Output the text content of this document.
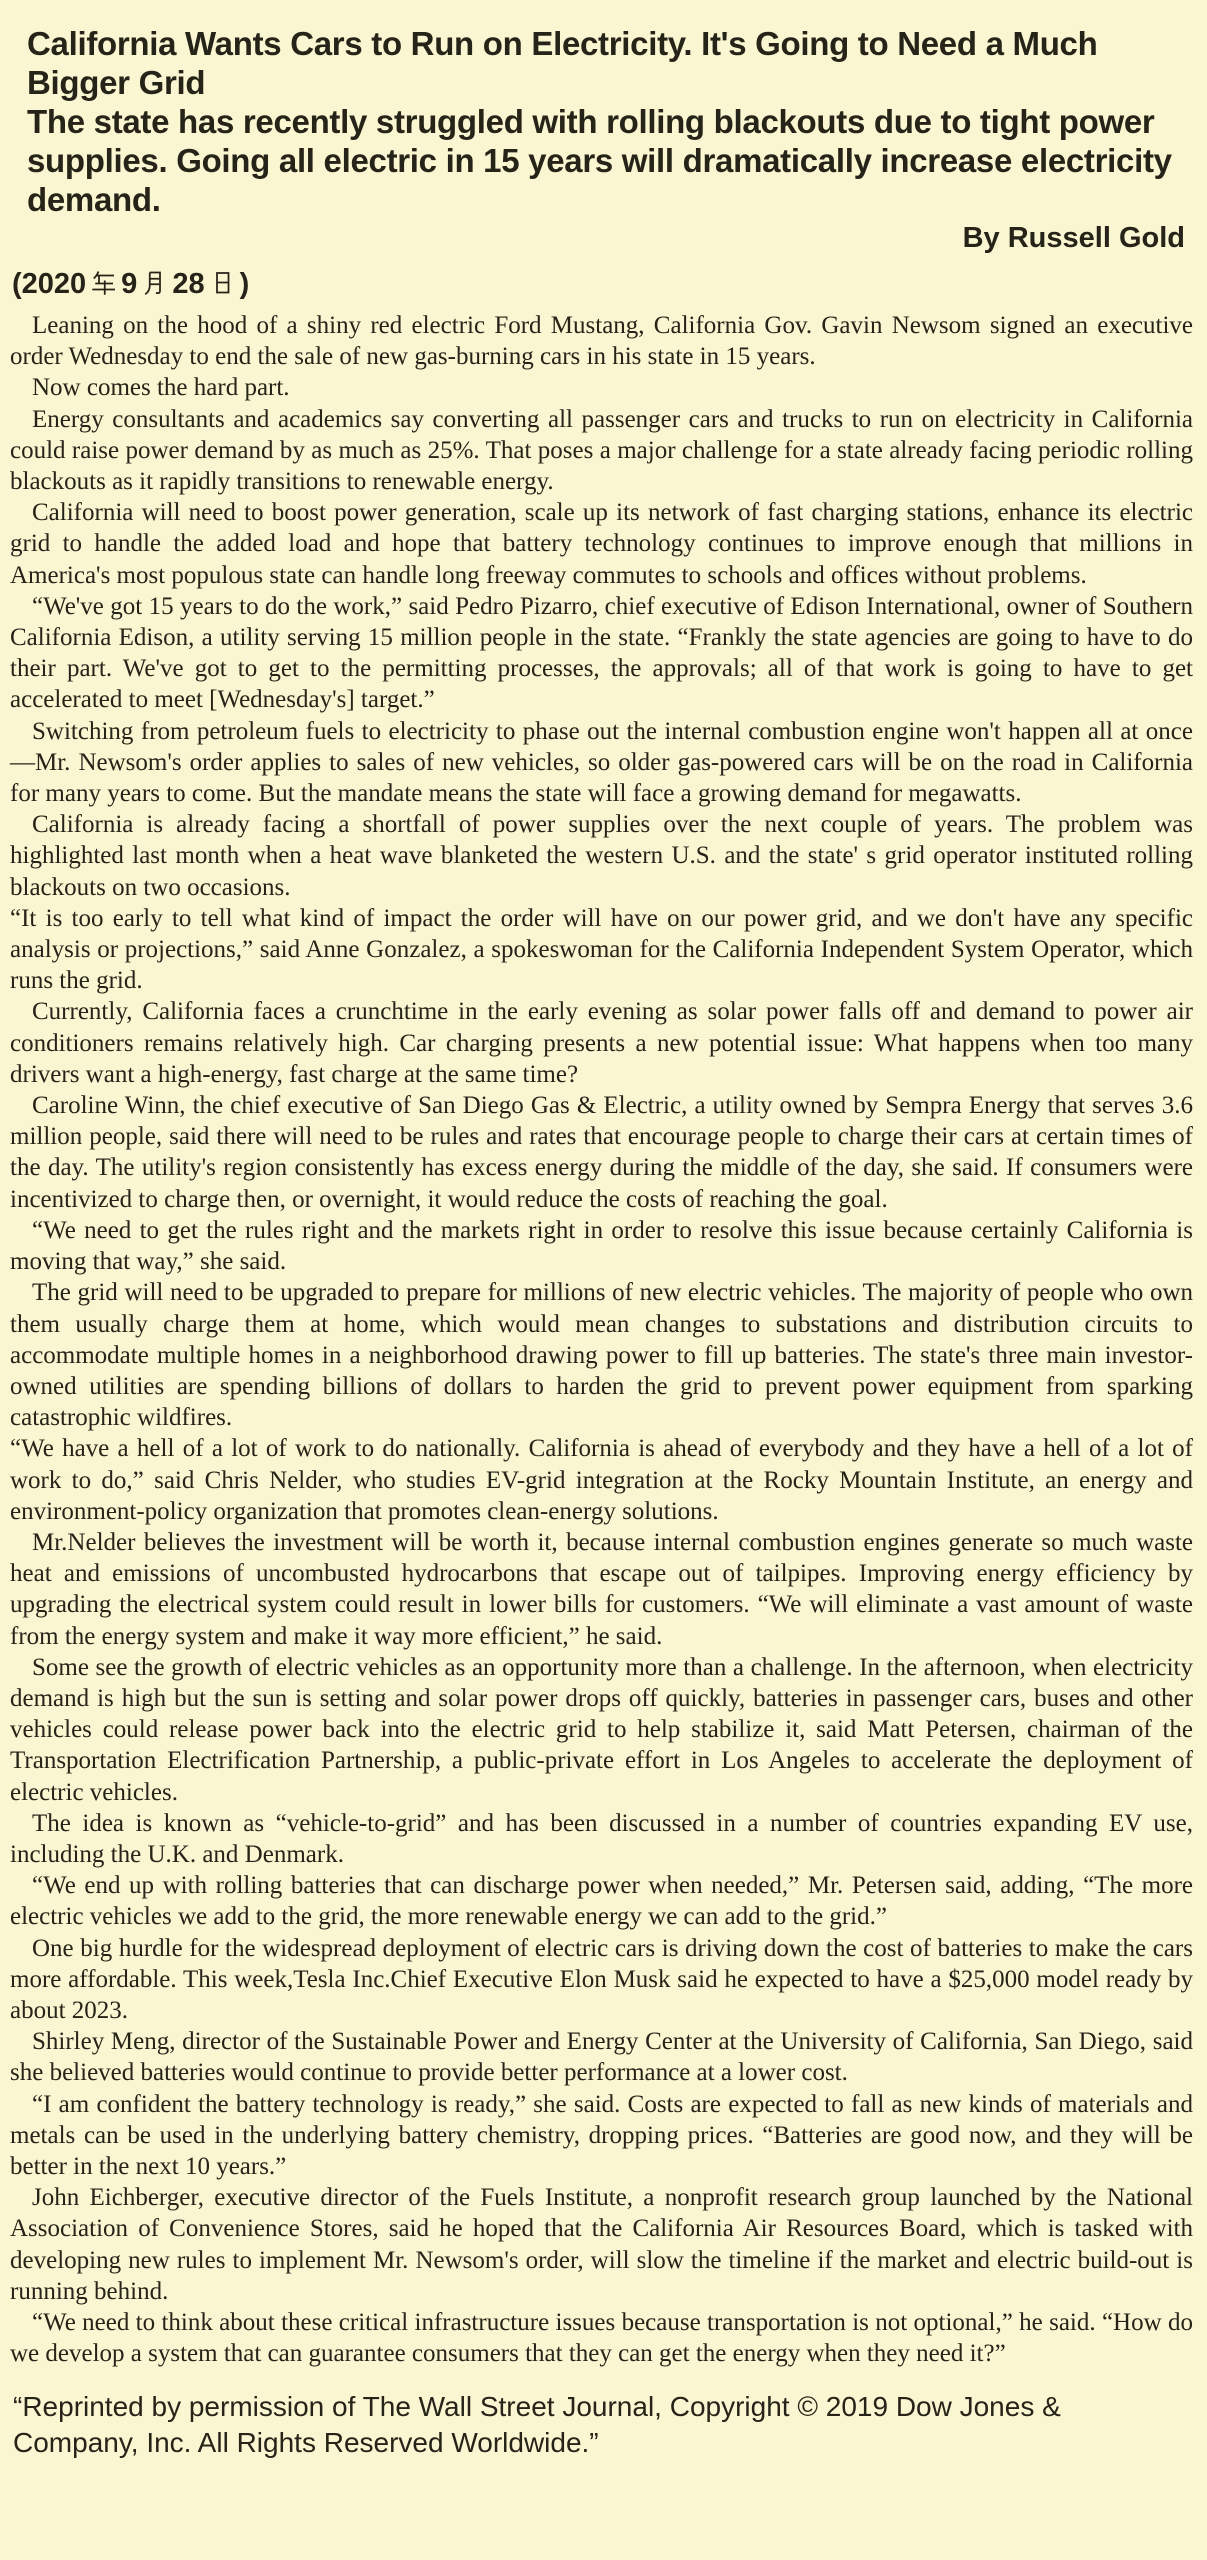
California Wants Cars to Run on Electricity. It's Going to Need a Much Bigger Grid
The state has recently struggled with rolling blackouts due to tight power supplies. Going all electric in 15 years will dramatically increase electricity demand.
By Russell Gold
(2020 9 28 )

Leaning on the hood of a shiny red electric Ford Mustang, California Gov. Gavin Newsom signed an executive order Wednesday to end the sale of new gas-burning cars in his state in 15 years.

Now comes the hard part.

Energy consultants and academics say converting all passenger cars and trucks to run on electricity in California could raise power demand by as much as 25%. That poses a major challenge for a state already facing periodic rolling blackouts as it rapidly transitions to renewable energy.

California will need to boost power generation, scale up its network of fast charging stations, enhance its electric grid to handle the added load and hope that battery technology continues to improve enough that millions in America's most populous state can handle long freeway commutes to schools and offices without problems.

“We've got 15 years to do the work,” said Pedro Pizarro, chief executive of Edison International, owner of Southern California Edison, a utility serving 15 million people in the state. “Frankly the state agencies are going to have to do their part. We've got to get to the permitting processes, the approvals; all of that work is going to have to get accelerated to meet [Wednesday's] target.”

Switching from petroleum fuels to electricity to phase out the internal combustion engine won't happen all at once—Mr. Newsom's order applies to sales of new vehicles, so older gas-powered cars will be on the road in California for many years to come. But the mandate means the state will face a growing demand for megawatts.

California is already facing a shortfall of power supplies over the next couple of years. The problem was highlighted last month when a heat wave blanketed the western U.S. and the state' s grid operator instituted rolling blackouts on two occasions.

“It is too early to tell what kind of impact the order will have on our power grid, and we don't have any specific analysis or projections,” said Anne Gonzalez, a spokeswoman for the California Independent System Operator, which runs the grid.

Currently, California faces a crunchtime in the early evening as solar power falls off and demand to power air conditioners remains relatively high. Car charging presents a new potential issue: What happens when too many drivers want a high-energy, fast charge at the same time?

Caroline Winn, the chief executive of San Diego Gas & Electric, a utility owned by Sempra Energy that serves 3.6 million people, said there will need to be rules and rates that encourage people to charge their cars at certain times of the day. The utility's region consistently has excess energy during the middle of the day, she said. If consumers were incentivized to charge then, or overnight, it would reduce the costs of reaching the goal.

“We need to get the rules right and the markets right in order to resolve this issue because certainly California is moving that way,” she said.

The grid will need to be upgraded to prepare for millions of new electric vehicles. The majority of people who own them usually charge them at home, which would mean changes to substations and distribution circuits to accommodate multiple homes in a neighborhood drawing power to fill up batteries. The state's three main investor-owned utilities are spending billions of dollars to harden the grid to prevent power equipment from sparking catastrophic wildfires.

“We have a hell of a lot of work to do nationally. California is ahead of everybody and they have a hell of a lot of work to do,” said Chris Nelder, who studies EV-grid integration at the Rocky Mountain Institute, an energy and environment-policy organization that promotes clean-energy solutions.

Mr.Nelder believes the investment will be worth it, because internal combustion engines generate so much waste heat and emissions of uncombusted hydrocarbons that escape out of tailpipes. Improving energy efficiency by upgrading the electrical system could result in lower bills for customers. “We will eliminate a vast amount of waste from the energy system and make it way more efficient,” he said.

Some see the growth of electric vehicles as an opportunity more than a challenge. In the afternoon, when electricity demand is high but the sun is setting and solar power drops off quickly, batteries in passenger cars, buses and other vehicles could release power back into the electric grid to help stabilize it, said Matt Petersen, chairman of the Transportation Electrification Partnership, a public-private effort in Los Angeles to accelerate the deployment of electric vehicles.

The idea is known as “vehicle-to-grid” and has been discussed in a number of countries expanding EV use, including the U.K. and Denmark.

“We end up with rolling batteries that can discharge power when needed,” Mr. Petersen said, adding, “The more electric vehicles we add to the grid, the more renewable energy we can add to the grid.”

One big hurdle for the widespread deployment of electric cars is driving down the cost of batteries to make the cars more affordable. This week,Tesla Inc.Chief Executive Elon Musk said he expected to have a $25,000 model ready by about 2023.

Shirley Meng, director of the Sustainable Power and Energy Center at the University of California, San Diego, said she believed batteries would continue to provide better performance at a lower cost.

“I am confident the battery technology is ready,” she said. Costs are expected to fall as new kinds of materials and metals can be used in the underlying battery chemistry, dropping prices. “Batteries are good now, and they will be better in the next 10 years.”

John Eichberger, executive director of the Fuels Institute, a nonprofit research group launched by the National Association of Convenience Stores, said he hoped that the California Air Resources Board, which is tasked with developing new rules to implement Mr. Newsom's order, will slow the timeline if the market and electric build-out is running behind.

“We need to think about these critical infrastructure issues because transportation is not optional,” he said. “How do we develop a system that can guarantee consumers that they can get the energy when they need it?”

“Reprinted by permission of The Wall Street Journal, Copyright © 2019 Dow Jones & Company, Inc. All Rights Reserved Worldwide.”
